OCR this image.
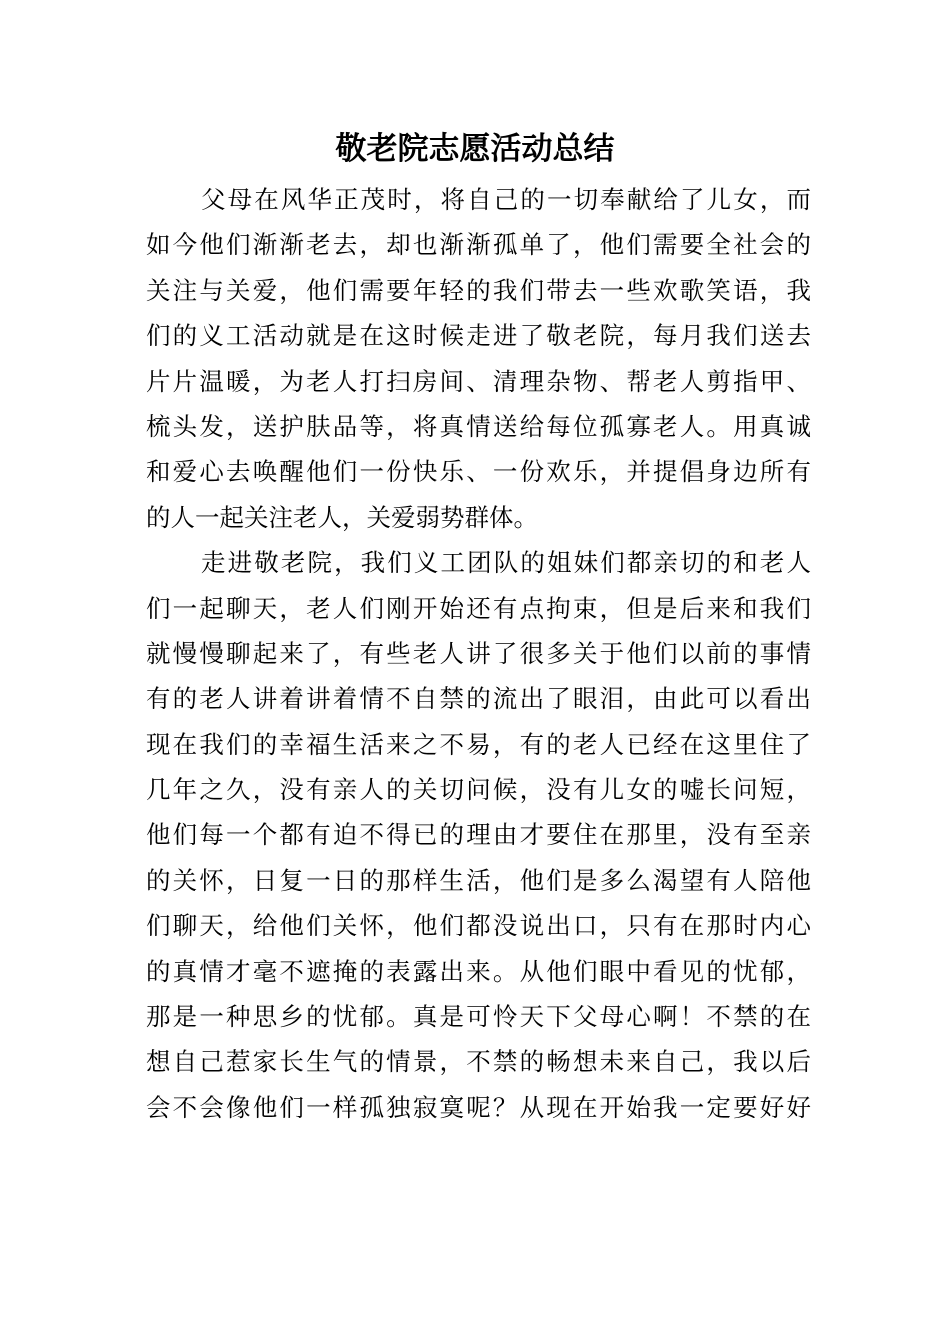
敬老院志愿活动总结
父母在风华正茂时，将自己的一切奉献给了儿女，而
如今他们渐渐老去，却也渐渐孤单了，他们需要全社会的
关注与关爱，他们需要年轻的我们带去一些欢歌笑语，我
们的义工活动就是在这时候走进了敬老院，每月我们送去
片片温暖，为老人打扫房间、清理杂物、帮老人剪指甲、
梳头发，送护肤品等，将真情送给每位孤寡老人。用真诚
和爱心去唤醒他们一份快乐、一份欢乐，并提倡身边所有
的人一起关注老人，关爱弱势群体。
走进敬老院，我们义工团队的姐妹们都亲切的和老人
们一起聊天，老人们刚开始还有点拘束，但是后来和我们
就慢慢聊起来了，有些老人讲了很多关于他们以前的事情
有的老人讲着讲着情不自禁的流出了眼泪，由此可以看出
现在我们的幸福生活来之不易，有的老人已经在这里住了
几年之久，没有亲人的关切问候，没有儿女的嘘长问短，
他们每一个都有迫不得已的理由才要住在那里，没有至亲
的关怀，日复一日的那样生活，他们是多么渴望有人陪他
们聊天，给他们关怀，他们都没说出口，只有在那时内心
的真情才毫不遮掩的表露出来。从他们眼中看见的忧郁，
那是一种思乡的忧郁。真是可怜天下父母心啊！不禁的在
想自己惹家长生气的情景，不禁的畅想未来自己，我以后
会不会像他们一样孤独寂寞呢？从现在开始我一定要好好
